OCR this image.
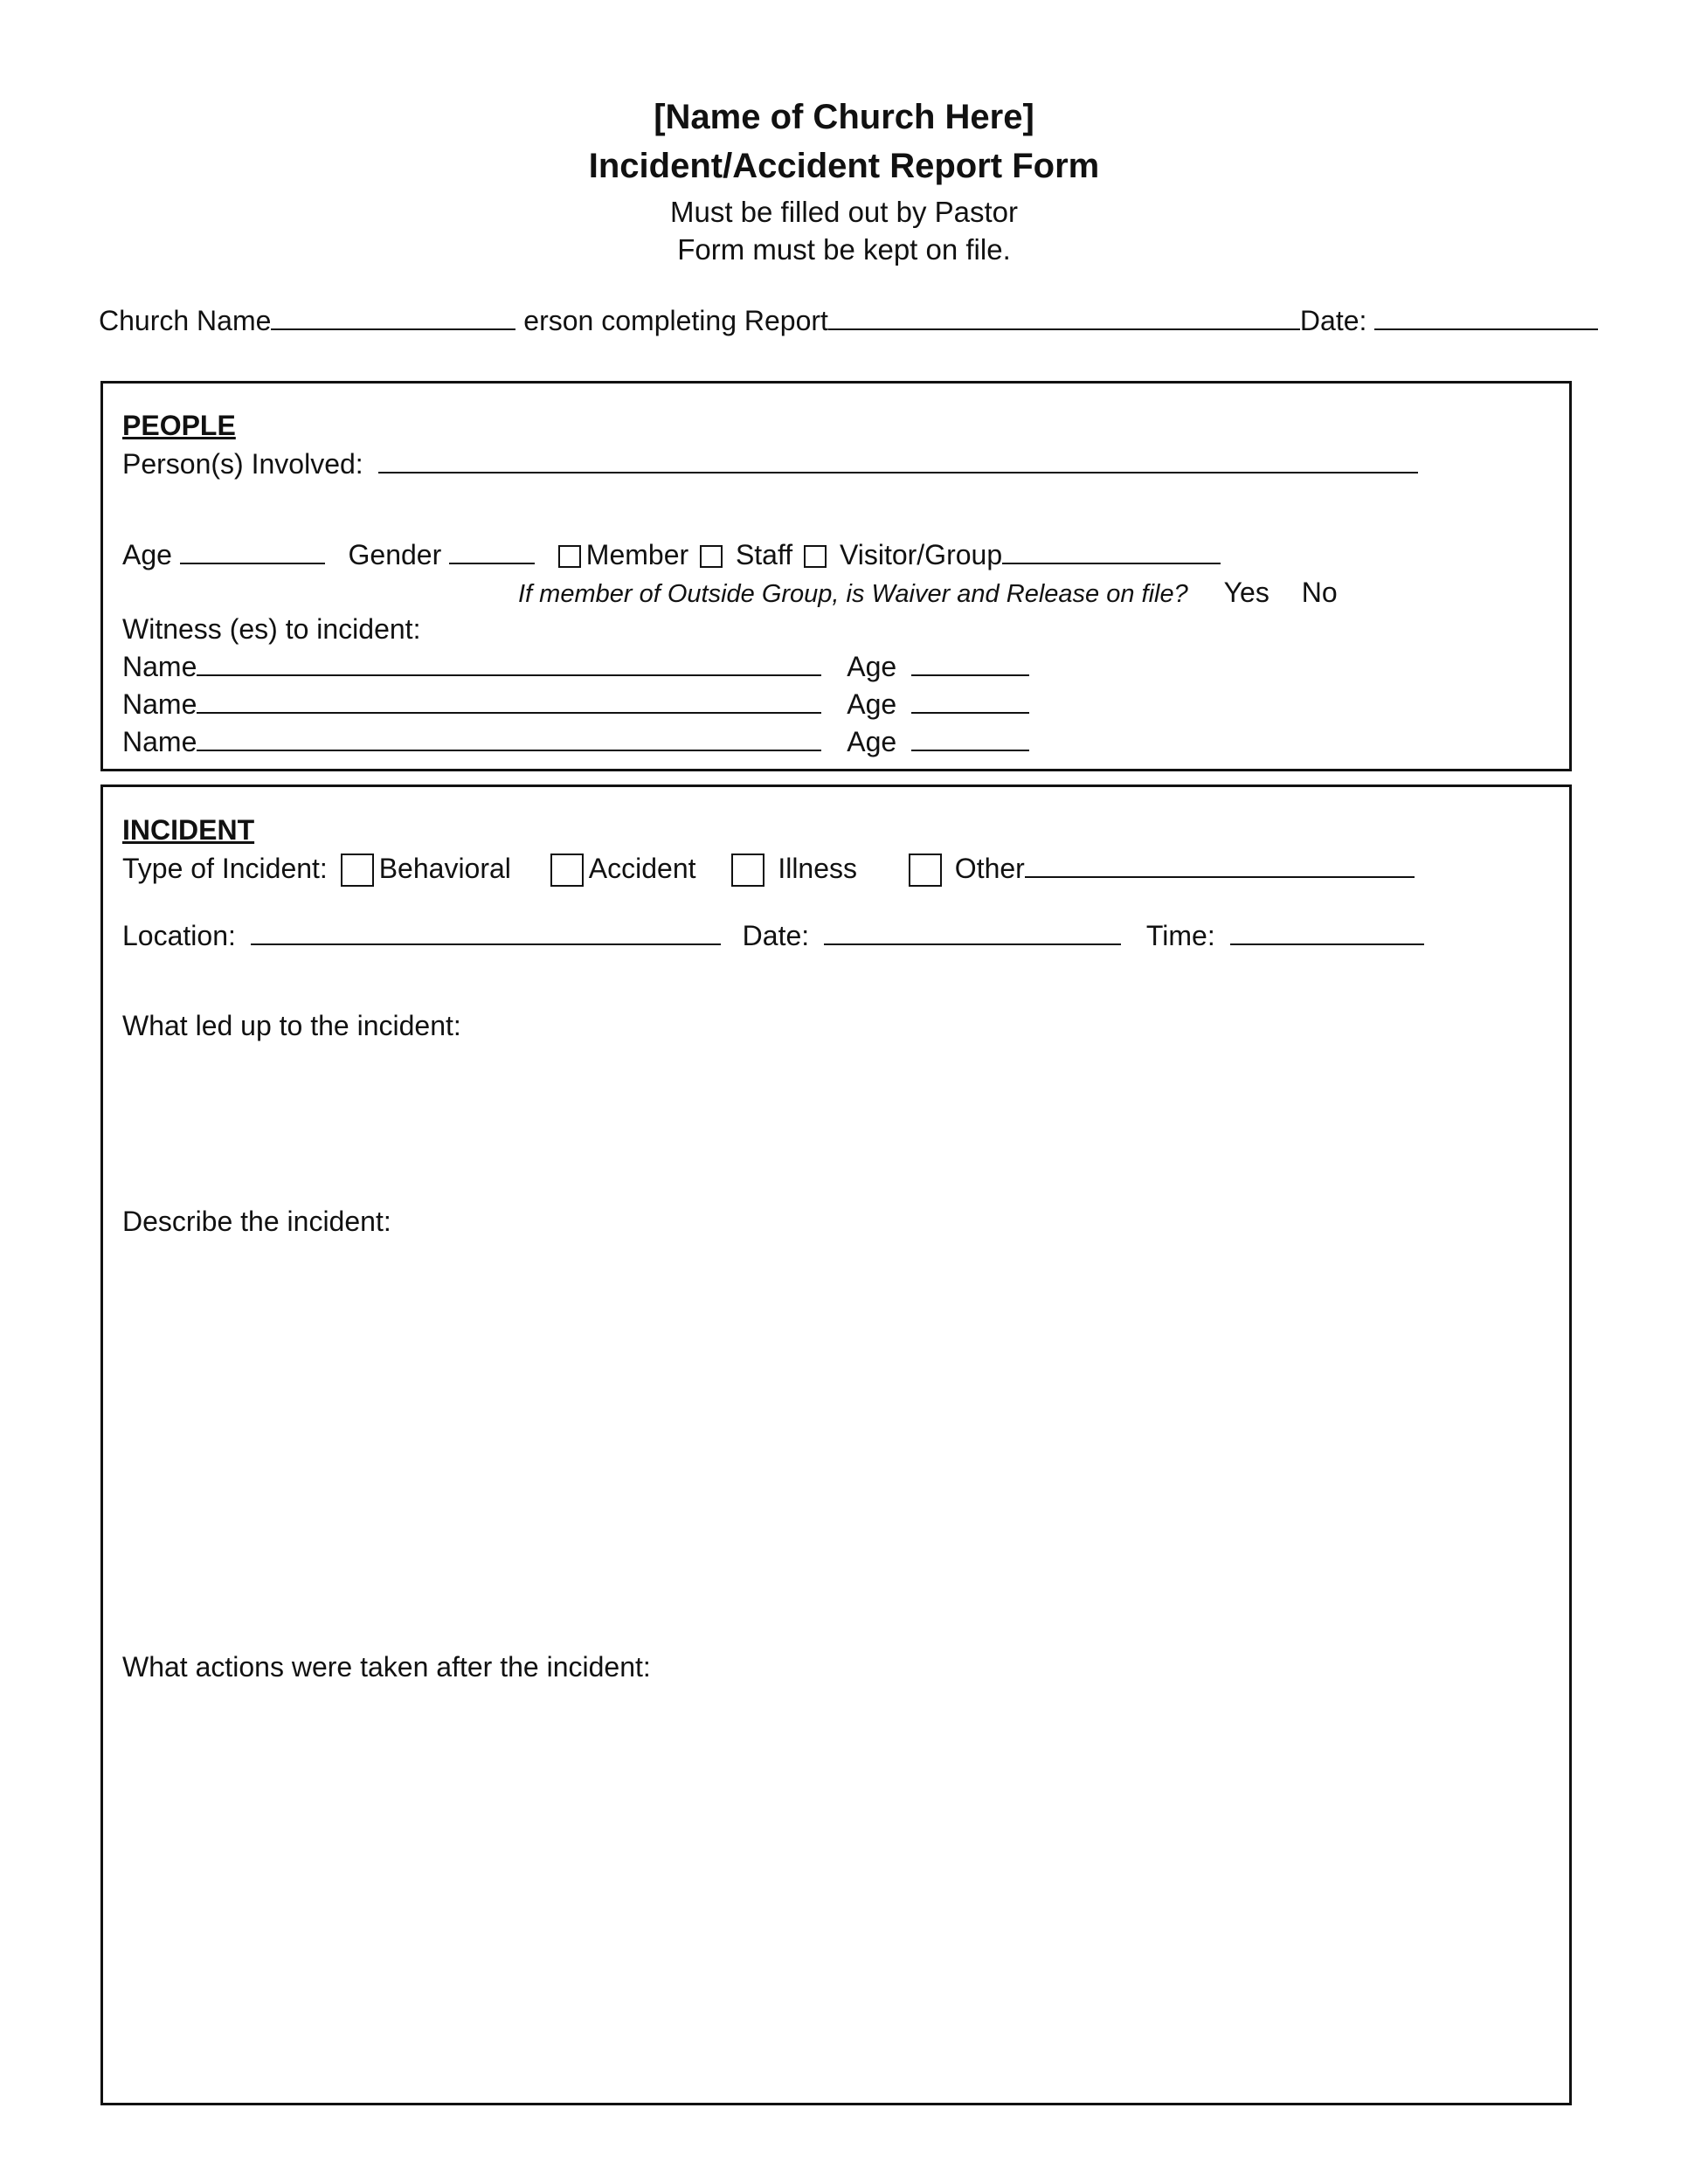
[Name of Church Here]
Incident/Accident Report Form
Must be filled out by Pastor
Form must be kept on file.
Church Name	erson completing Report	Date:
PEOPLE
Person(s) Involved:
Age	Gender	Member Staff Visitor/Group
If member of Outside Group, is Waiver and Release on file? Yes No
Witness (es) to incident:
Name	Age
Name	Age
Name	Age
INCIDENT
Type of Incident: Behavioral	Accident	Illness	Other
Location:	Date:	Time:
What led up to the incident:
Describe the incident:
What actions were taken after the incident:
